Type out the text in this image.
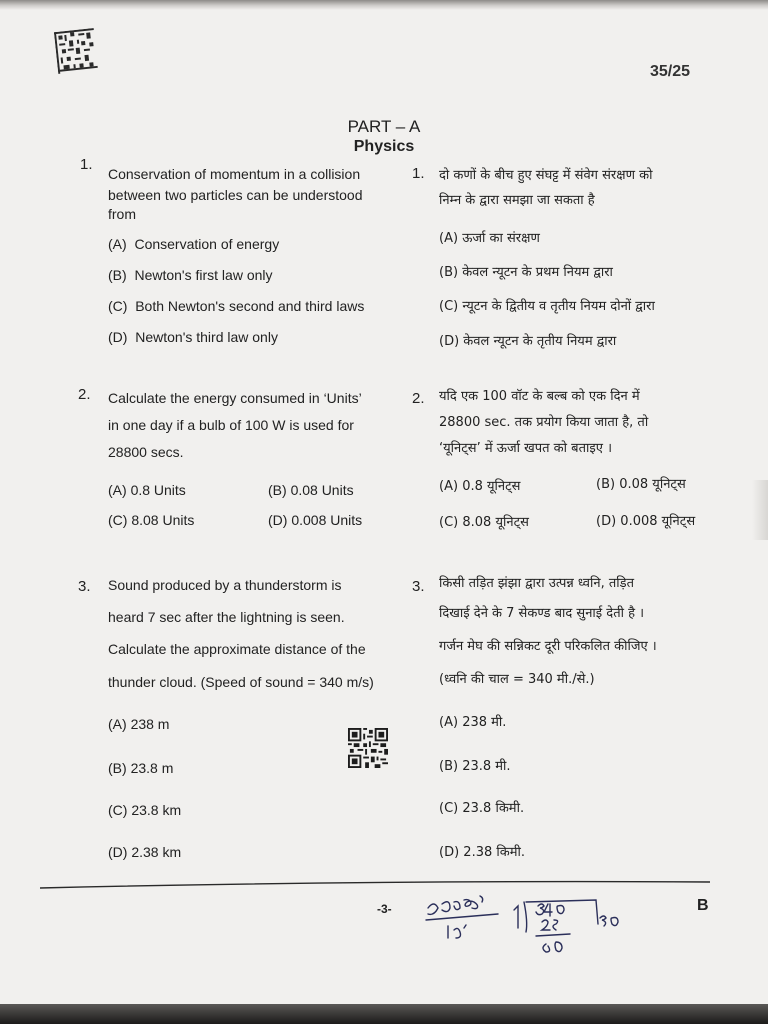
35/25
PART – A
Physics
1.
Conservation of momentum in a collision
between two particles can be understood
from
(A) Conservation of energy
(B) Newton's first law only
(C) Both Newton's second and third laws
(D) Newton's third law only
1. दो कणों के बीच हुए संघट्ट में संवेग संरक्षण को
निम्न के द्वारा समझा जा सकता है
(A) ऊर्जा का संरक्षण
(B) केवल न्यूटन के प्रथम नियम द्वारा
(C) न्यूटन के द्वितीय व तृतीय नियम दोनों द्वारा
(D) केवल न्यूटन के तृतीय नियम द्वारा
2. Calculate the energy consumed in ‘Units’
in one day if a bulb of 100 W is used for
28800 secs.
(A) 0.8 Units	(B) 0.08 Units
(C) 8.08 Units	(D) 0.008 Units
2. यदि एक 100 वॉट के बल्ब को एक दिन में
28800 sec. तक प्रयोग किया जाता है, तो
‘यूनिट्स’ में ऊर्जा खपत को बताइए ।
(A) 0.8 यूनिट्स	(B) 0.08 यूनिट्स
(C) 8.08 यूनिट्स	(D) 0.008 यूनिट्स
3. Sound produced by a thunderstorm is
heard 7 sec after the lightning is seen.
Calculate the approximate distance of the
thunder cloud. (Speed of sound = 340 m/s)
(A) 238 m
(B) 23.8 m
(C) 23.8 km
(D) 2.38 km
3. किसी तड़ित झंझा द्वारा उत्पन्न ध्वनि, तड़ित
दिखाई देने के 7 सेकण्ड बाद सुनाई देती है ।
गर्जन मेघ की सन्निकट दूरी परिकलित कीजिए ।
(ध्वनि की चाल = 340 मी./से.)
(A) 238 मी.
(B) 23.8 मी.
(C) 23.8 किमी.
(D) 2.38 किमी.
-3-	B
